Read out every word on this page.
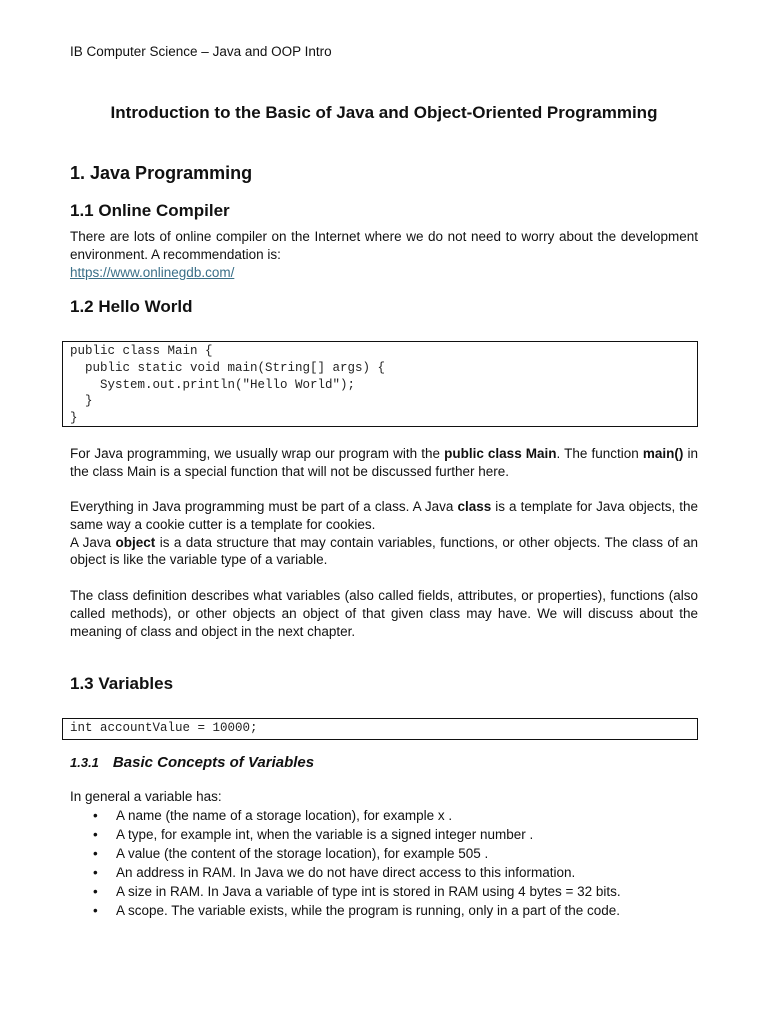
IB Computer Science – Java and OOP Intro
Introduction to the Basic of Java and Object-Oriented Programming
1. Java Programming
1.1 Online Compiler

There are lots of online compiler on the Internet where we do not need to worry about the development environment. A recommendation is:

https://www.onlinegdb.com/

1.2 Hello World
public class Main {
public static void main(String[] args) {
System.out.println("Hello World");
}
}

For Java programming, we usually wrap our program with the public class Main. The function main() in the class Main is a special function that will not be discussed further here.

Everything in Java programming must be part of a class. A Java class is a template for Java objects, the same way a cookie cutter is a template for cookies.

A Java object is a data structure that may contain variables, functions, or other objects. The class of an object is like the variable type of a variable.

The class definition describes what variables (also called fields, attributes, or properties), functions (also called methods), or other objects an object of that given class may have. We will discuss about the meaning of class and object in the next chapter.
1.3 Variables
int accountValue = 10000;
1.3.1 Basic Concepts of Variables
In general a variable has:
• A name (the name of a storage location), for example x .
• A type, for example int, when the variable is a signed integer number .
• A value (the content of the storage location), for example 505 .
• An address in RAM. In Java we do not have direct access to this information.
• A size in RAM. In Java a variable of type int is stored in RAM using 4 bytes = 32 bits.
• A scope. The variable exists, while the program is running, only in a part of the code.
